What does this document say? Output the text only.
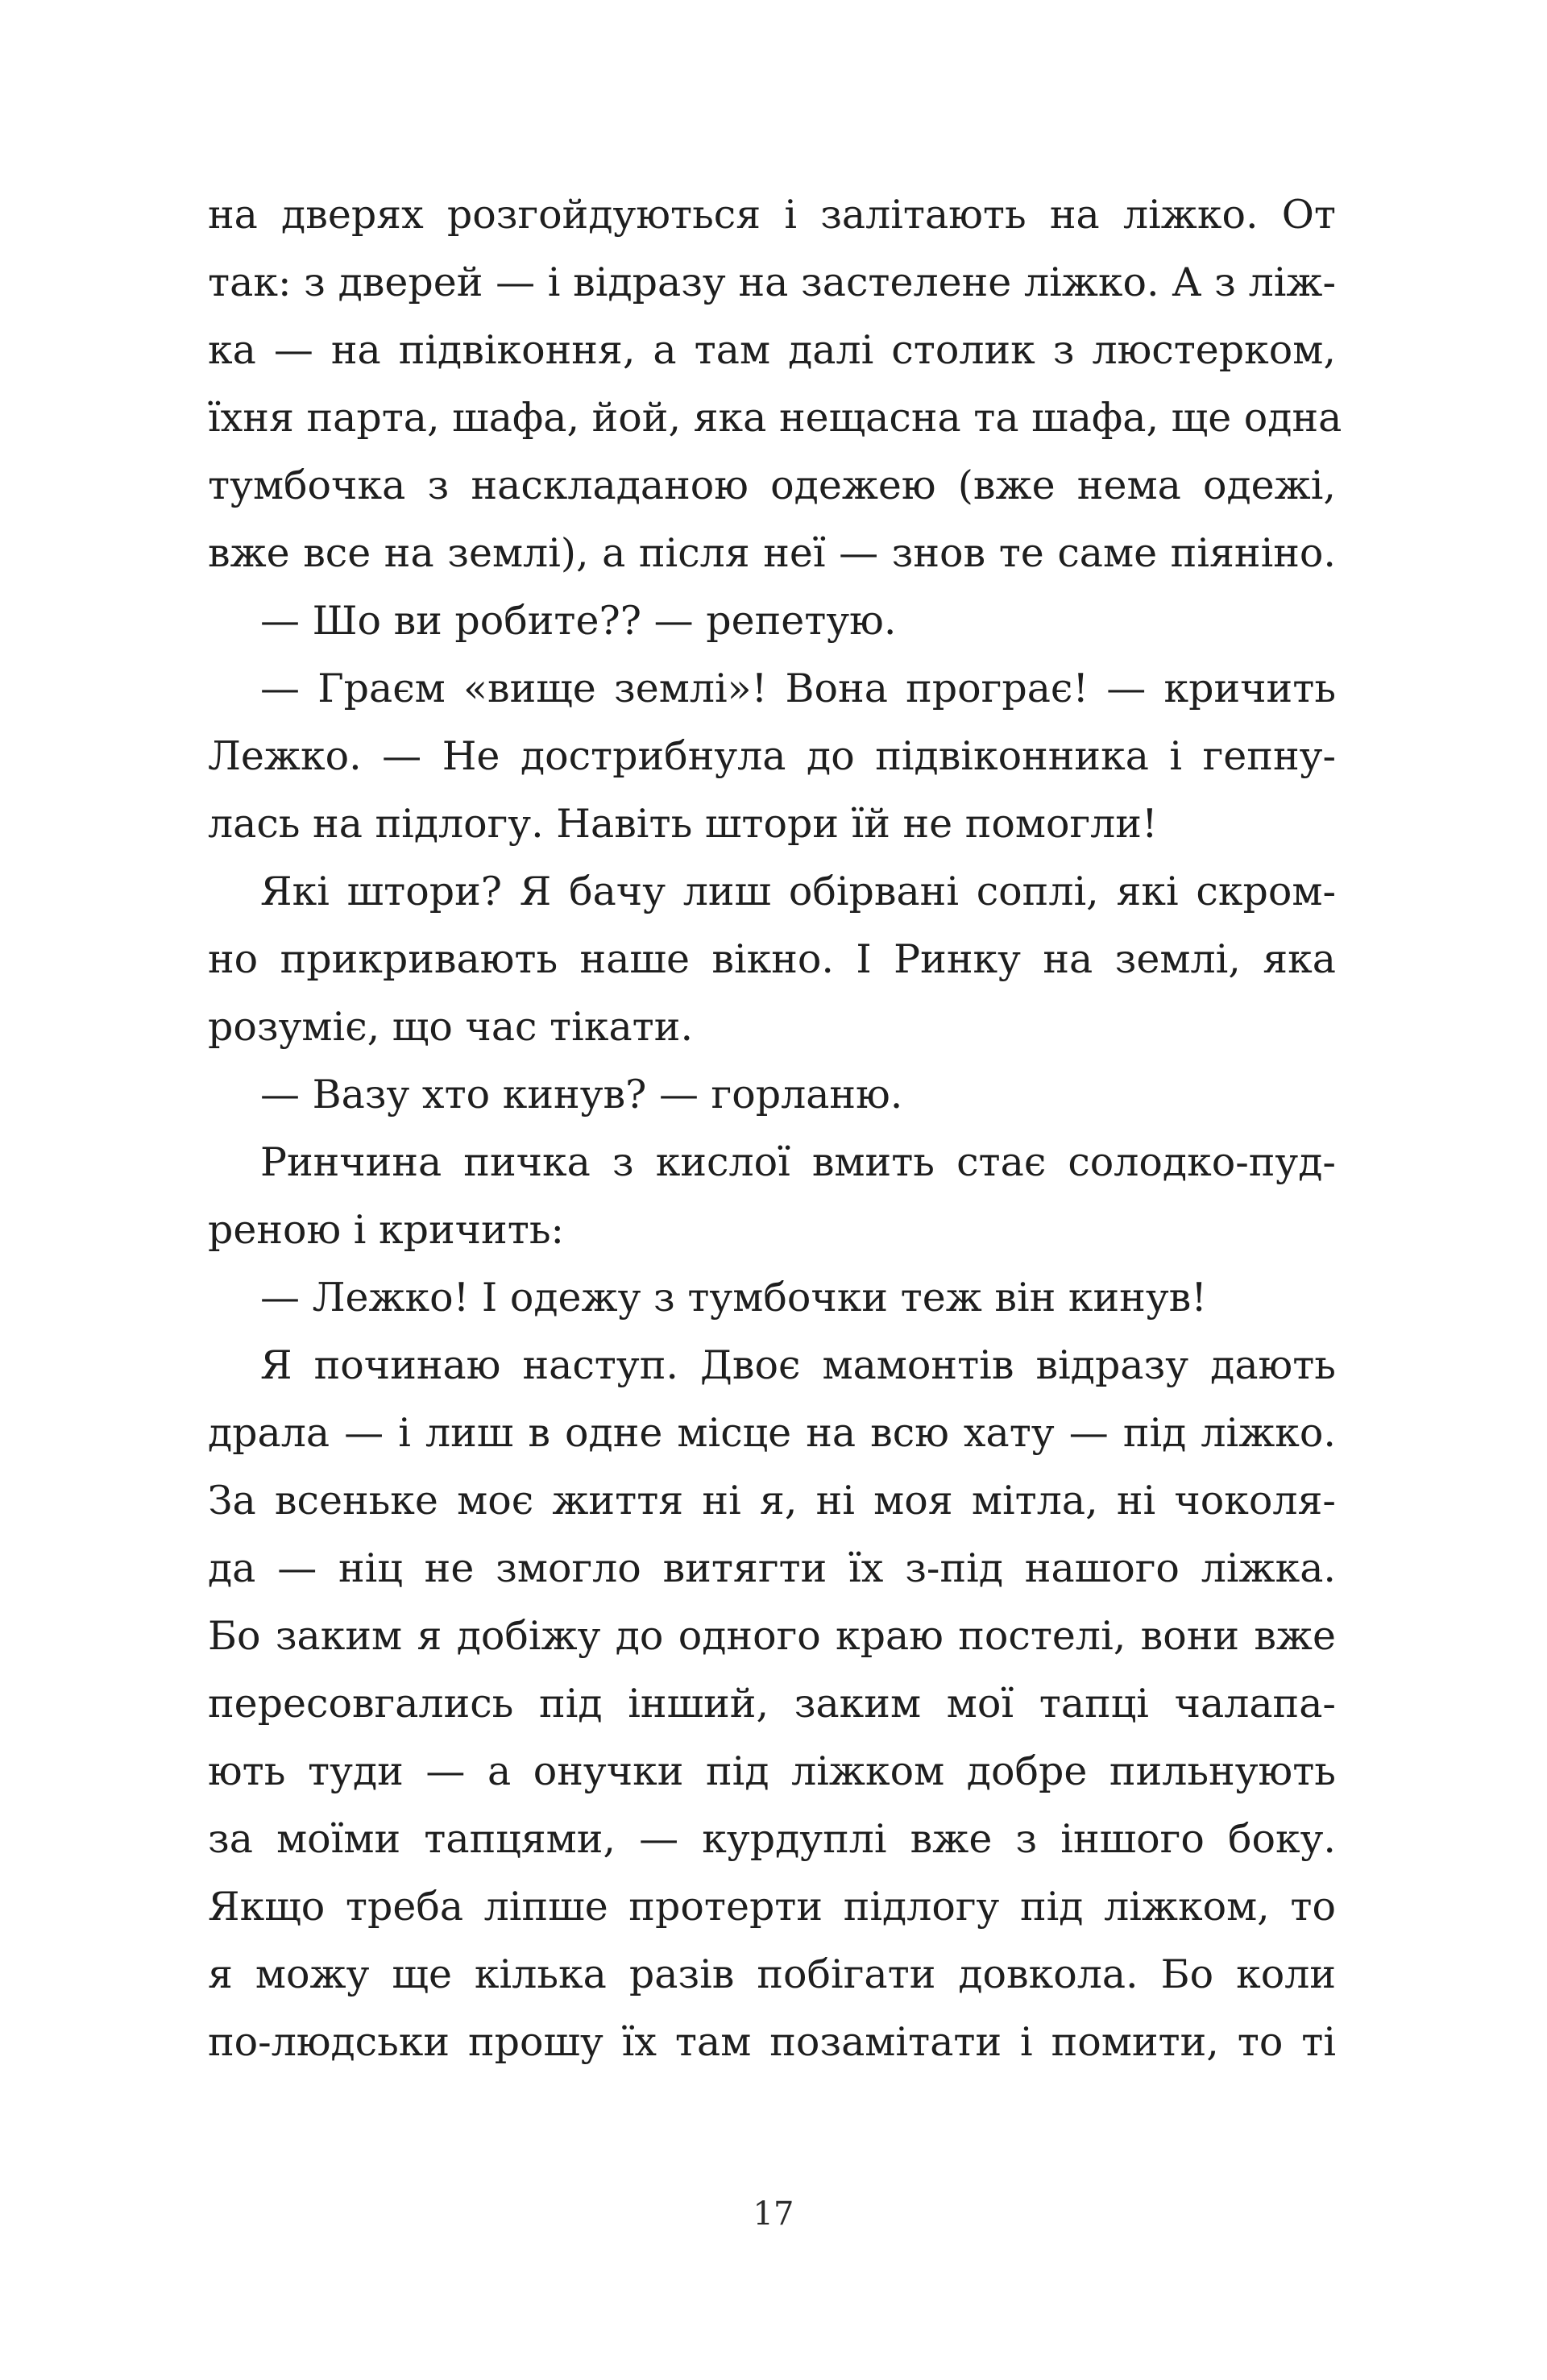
на дверях розгойдуються і залітають на ліжко. От
так: з дверей — і відразу на застелене ліжко. А з ліж-
ка — на підвіконня, а там далі столик з люстерком,
їхня парта, шафа, йой, яка нещасна та шафа, ще одна
тумбочка з наскладаною одежею (вже нема одежі,
вже все на землі), а після неї — знов те саме піяніно.
— Шо ви робите?? — репетую.
— Граєм «вище землі»! Вона програє! — кричить
Лежко. — Не дострибнула до підвіконника і гепну-
лась на підлогу. Навіть штори їй не помогли!
Які штори? Я бачу лиш обірвані соплі, які скром-
но прикривають наше вікно. І Ринку на землі, яка
розуміє, що час тікати.
— Вазу хто кинув? — горланю.
Ринчина пичка з кислої вмить стає солодко-пуд-
реною і кричить:
— Лежко! І одежу з тумбочки теж він кинув!
Я починаю наступ. Двоє мамонтів відразу дають
драла — і лиш в одне місце на всю хату — під ліжко.
За всеньке моє життя ні я, ні моя мітла, ні чоколя-
да — ніц не змогло витягти їх з-під нашого ліжка.
Бо заким я добіжу до одного краю постелі, вони вже
пересовгались під інший, заким мої тапці чалапа-
ють туди — а онучки під ліжком добре пильнують
за моїми тапцями, — курдуплі вже з іншого боку.
Якщо треба ліпше протерти підлогу під ліжком, то
я можу ще кілька разів побігати довкола. Бо коли
по-людськи прошу їх там позамітати і помити, то ті
17
